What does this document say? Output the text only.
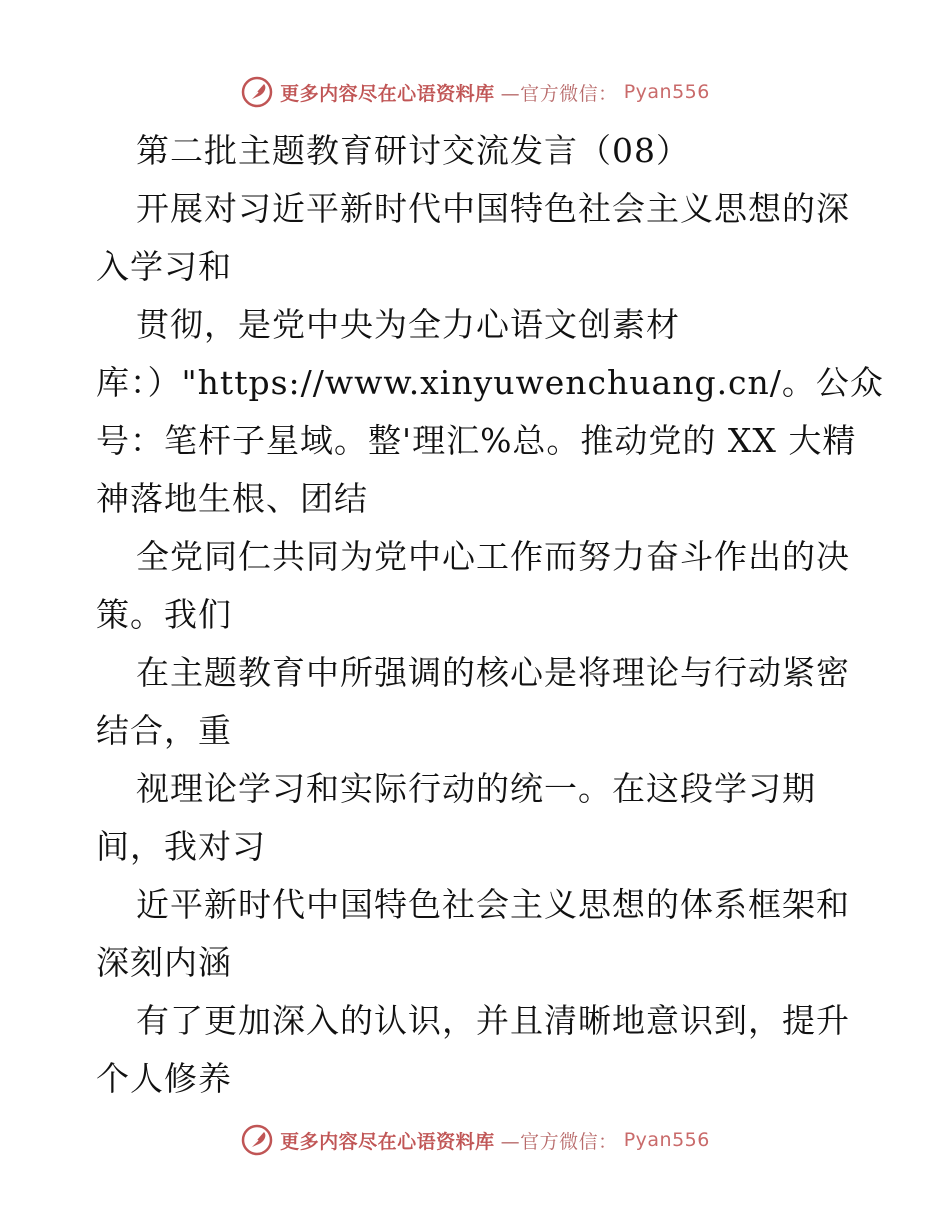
更多内容尽在心语资料库 —官方微信： Pyan556
第二批主题教育研讨交流发言（08）
开展对习近平新时代中国特色社会主义思想的深
入学习和
贯彻，是党中央为全力心语文创素材
库：）"https://www.xinyuwenchuang.cn/。公众
号：笔杆子星域。整'理汇%总。推动党的 XX 大精
神落地生根、团结
全党同仁共同为党中心工作而努力奋斗作出的决
策。我们
在主题教育中所强调的核心是将理论与行动紧密
结合，重
视理论学习和实际行动的统一。在这段学习期
间，我对习
近平新时代中国特色社会主义思想的体系框架和
深刻内涵
有了更加深入的认识，并且清晰地意识到，提升
个人修养
更多内容尽在心语资料库 —官方微信： Pyan556
